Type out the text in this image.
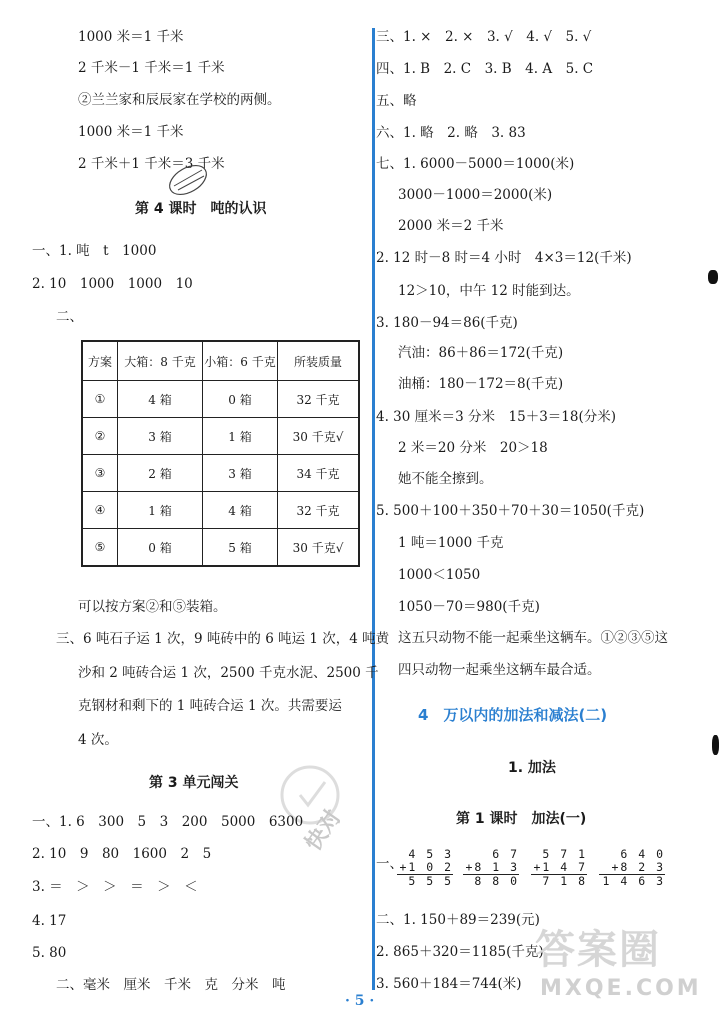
1000 米＝1 千米
2 千米－1 千米＝1 千米
②兰兰家和辰辰家在学校的两侧。
1000 米＝1 千米
2 千米＋1 千米＝3 千米
第 4 课时　吨的认识
一、1. 吨　t　1000
2. 10　1000　1000　10
二、
方案	大箱：8 千克	小箱：6 千克	所装质量
①	4 箱	0 箱	32 千克
②	3 箱	1 箱	30 千克√
③	2 箱	3 箱	34 千克
④	1 箱	4 箱	32 千克
⑤	0 箱	5 箱	30 千克√
可以按方案②和⑤装箱。
三、6 吨石子运 1 次，9 吨砖中的 6 吨运 1 次，4 吨黄
沙和 2 吨砖合运 1 次，2500 千克水泥、2500 千
克钢材和剩下的 1 吨砖合运 1 次。共需要运
4 次。
第 3 单元闯关
快对
一、1. 6　300　5　3　200　5000　6300
2. 10　9　80　1600　2　5
3. ＝　＞　＞　＝　＞　＜
4. 17
5. 80
二、毫米　厘米　千米　克　分米　吨
三、1. ×　2. ×　3. √　4. √　5. √
四、1. B　2. C　3. B　4. A　5. C
五、略
六、1. 略　2. 略　3. 83
七、1. 6000－5000＝1000(米)
3000－1000＝2000(米)
2000 米＝2 千米
2. 12 时－8 时＝4 小时　4×3＝12(千米)
12＞10，中午 12 时能到达。
3. 180－94＝86(千克)
汽油：86＋86＝172(千克)
油桶：180－172＝8(千克)
4. 30 厘米＝3 分米　15＋3＝18(分米)
2 米＝20 分米　20＞18
她不能全擦到。
5. 500＋100＋350＋70＋30＝1050(千克)
1 吨＝1000 千克
1000＜1050
1050－70＝980(千克)
这五只动物不能一起乘坐这辆车。①②③⑤这
四只动物一起乘坐这辆车最合适。
4　万以内的加法和减法(二)
1. 加法
第 1 课时　加法(一)
一、
4 5 3
+1 0 2
5 5 5
6 7
+8 1 3
8 8 0
5 7 1
+1 4 7
7 1 8
6 4 0
+8 2 3
1 4 6 3
二、1. 150＋89＝239(元)
2. 865＋320＝1185(千克)
3. 560＋184＝744(米)
答案圈
MXQE.COM
· 5 ·
